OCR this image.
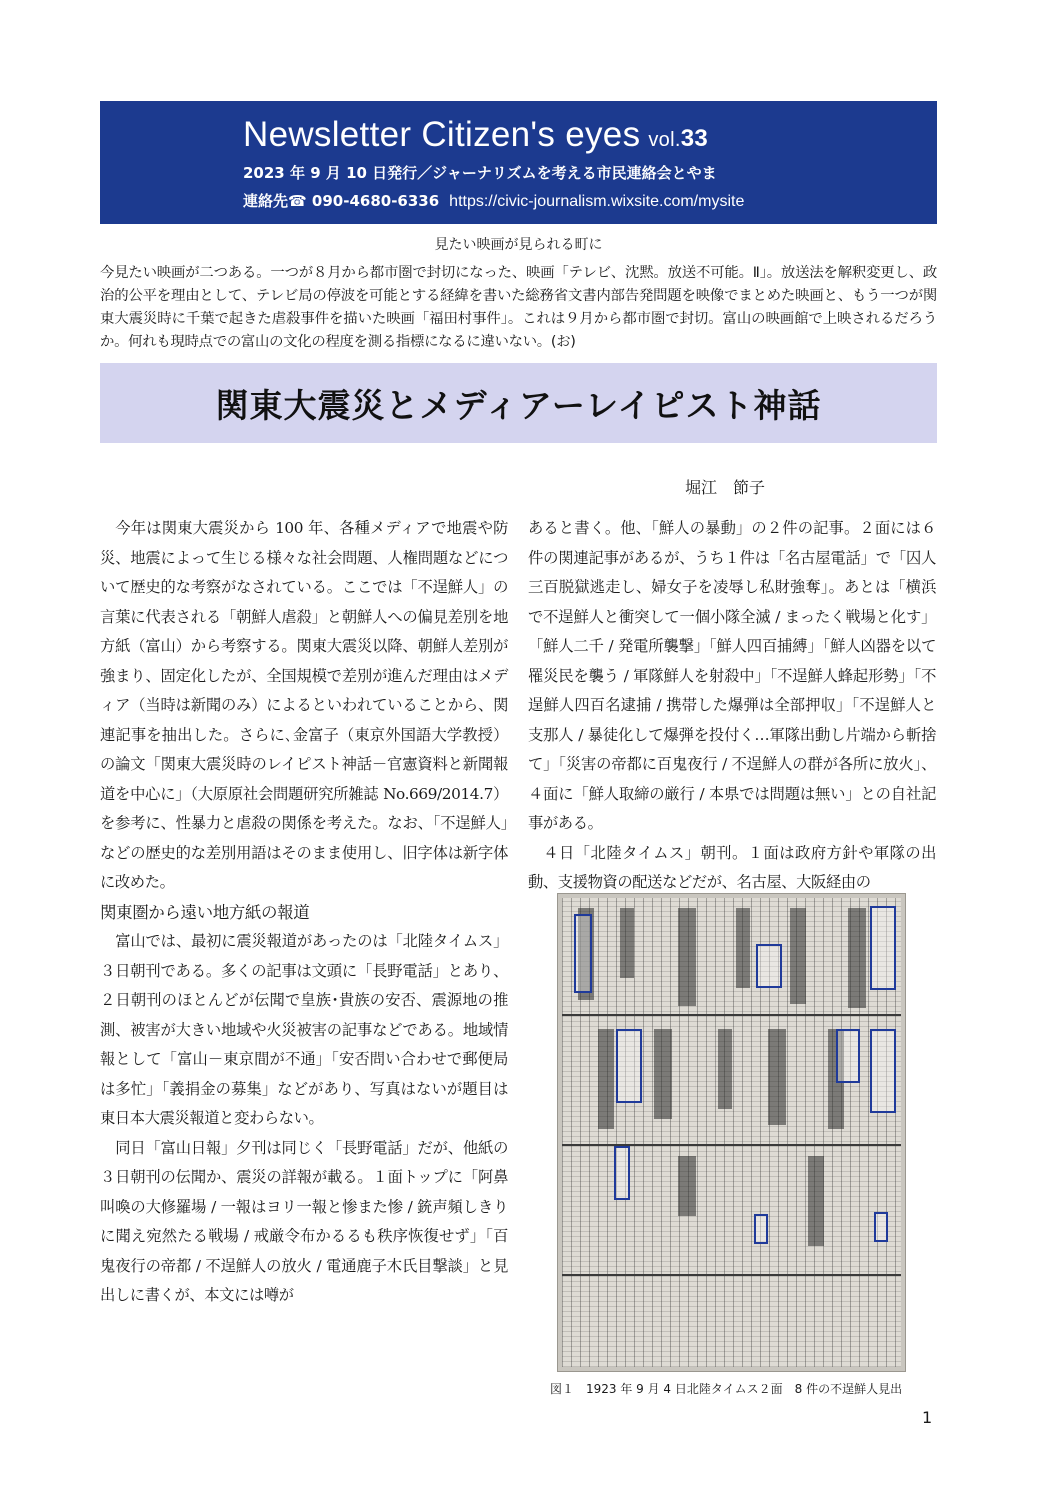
Newsletter Citizen's eyes vol.33
2023 年 9 月 10 日発行／ジャーナリズムを考える市民連絡会とやま
連絡先☎ 090-4680-6336 https://civic-journalism.wixsite.com/mysite
見たい映画が見られる町に
今見たい映画が二つある。一つが８月から都市圏で封切になった、映画「テレビ、沈黙。放送不可能。Ⅱ」。放送法を解釈変更し、政治的公平を理由として、テレビ局の停波を可能とする経緯を書いた総務省文書内部告発問題を映像でまとめた映画と、もう一つが関東大震災時に千葉で起きた虐殺事件を描いた映画「福田村事件」。これは９月から都市圏で封切。富山の映画館で上映されるだろうか。何れも現時点での富山の文化の程度を測る指標になるに違いない。(お)
関東大震災とメディアーレイピスト神話
堀江　節子

今年は関東大震災から 100 年、各種メディアで地震や防災、地震によって生じる様々な社会問題、人権問題などについて歴史的な考察がなされている。ここでは「不逞鮮人」の言葉に代表される「朝鮮人虐殺」と朝鮮人への偏見差別を地方紙（富山）から考察する。関東大震災以降、朝鮮人差別が強まり、固定化したが、全国規模で差別が進んだ理由はメディア（当時は新聞のみ）によるといわれていることから、関連記事を抽出した。さらに､金富子（東京外国語大学教授）の論文「関東大震災時のレイピスト神話－官憲資料と新聞報道を中心に」（大原原社会問題研究所雑誌 No.669/2014.7）を参考に、性暴力と虐殺の関係を考えた。なお、「不逞鮮人」などの歴史的な差別用語はそのまま使用し、旧字体は新字体に改めた。

関東圏から遠い地方紙の報道

富山では、最初に震災報道があったのは「北陸タイムス」３日朝刊である。多くの記事は文頭に「長野電話」とあり、２日朝刊のほとんどが伝聞で皇族･貴族の安否、震源地の推測、被害が大きい地域や火災被害の記事などである。地域情報として「富山－東京間が不通」「安否問い合わせで郵便局は多忙」「義捐金の募集」などがあり、写真はないが題目は東日本大震災報道と変わらない。

同日「富山日報」夕刊は同じく「長野電話」だが、他紙の３日朝刊の伝聞か、震災の詳報が載る。１面トップに「阿鼻叫喚の大修羅場 / 一報はヨリ一報と惨また惨 / 銃声頻しきりに聞え宛然たる戦場 / 戒厳令布かるるも秩序恢復せず」「百鬼夜行の帝都 / 不逞鮮人の放火 / 電通鹿子木氏目撃談」と見出しに書くが、本文には噂が

あると書く。他、「鮮人の暴動」の２件の記事。２面には６件の関連記事があるが、うち１件は「名古屋電話」で「囚人三百脱獄逃走し、婦女子を凌辱し私財強奪」。あとは「横浜で不逞鮮人と衝突して一個小隊全滅 / まったく戦場と化す」「鮮人二千 / 発電所襲撃」「鮮人四百捕縛」「鮮人凶器を以て罹災民を襲う / 軍隊鮮人を射殺中」「不逞鮮人蜂起形勢」「不逞鮮人四百名逮捕 / 携帯した爆弾は全部押収」「不逞鮮人と支那人 / 暴徒化して爆弾を投付く…軍隊出動し片端から斬捨て」「災害の帝都に百鬼夜行 / 不逞鮮人の群が各所に放火」、４面に「鮮人取締の厳行 / 本県では問題は無い」との自社記事がある。

４日「北陸タイムス」朝刊。１面は政府方針や軍隊の出動、支援物資の配送などだが、名古屋、大阪経由の

図１　1923 年 9 月 4 日北陸タイムス２面　8 件の不逞鮮人見出
1
